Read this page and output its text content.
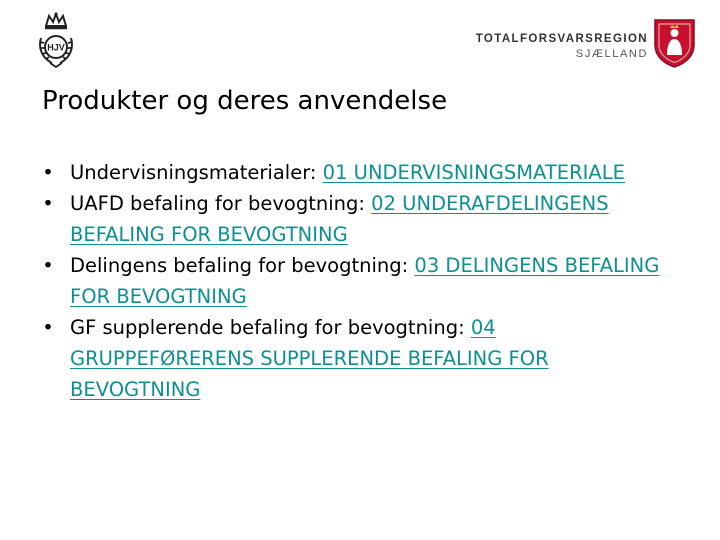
HJV
TOTALFORSVARSREGION
SJÆLLAND
Produkter og deres anvendelse
• Undervisningsmaterialer: 01 UNDERVISNINGSMATERIALE
• UAFD befaling for bevogtning: 02 UNDERAFDELINGENS BEFALING FOR BEVOGTNING
• Delingens befaling for bevogtning: 03 DELINGENS BEFALING FOR BEVOGTNING
• GF supplerende befaling for bevogtning: 04 GRUPPEFØRERENS SUPPLERENDE BEFALING FOR BEVOGTNING
